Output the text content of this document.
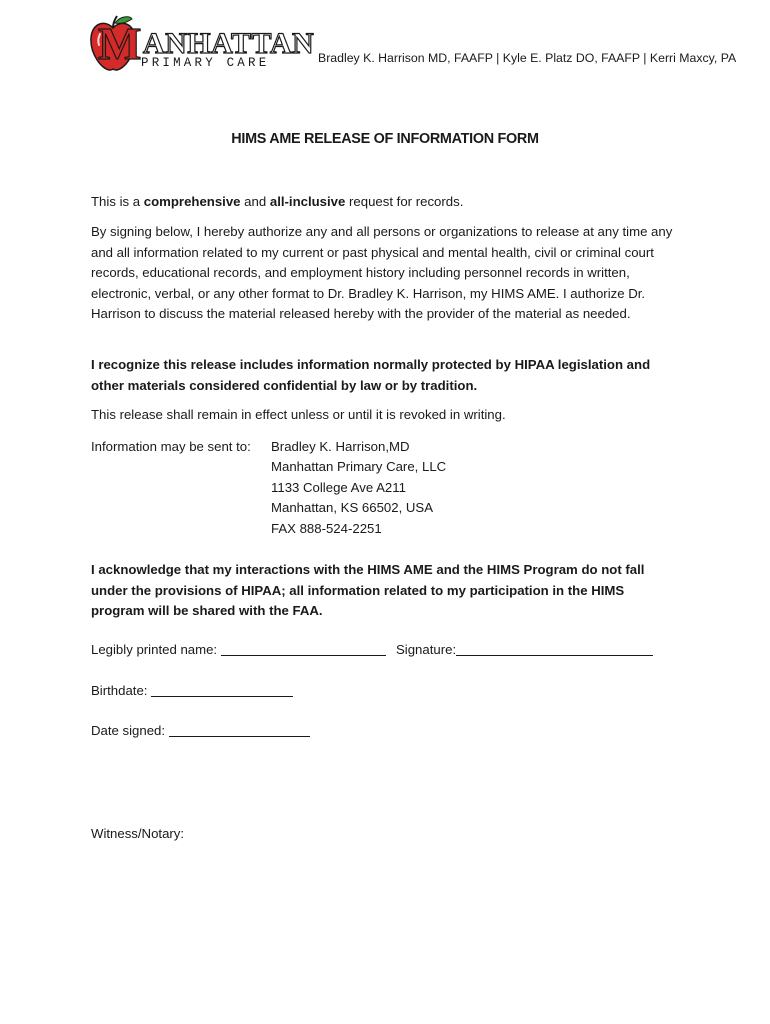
MANHATTAN
PRIMARY CARE	Bradley K. Harrison MD, FAAFP | Kyle E. Platz DO, FAAFP | Kerri Maxcy, PA
HIMS AME RELEASE OF INFORMATION FORM
This is a comprehensive and all-inclusive request for records.
By signing below, I hereby authorize any and all persons or organizations to release at any time any and all information related to my current or past physical and mental health, civil or criminal court records, educational records, and employment history including personnel records in written, electronic, verbal, or any other format to Dr. Bradley K. Harrison, my HIMS AME. I authorize Dr. Harrison to discuss the material released hereby with the provider of the material as needed.
I recognize this release includes information normally protected by HIPAA legislation and other materials considered confidential by law or by tradition.
This release shall remain in effect unless or until it is revoked in writing.
Information may be sent to: Bradley K. Harrison,MD
Manhattan Primary Care, LLC
1133 College Ave A211
Manhattan, KS 66502, USA
FAX 888-524-2251
I acknowledge that my interactions with the HIMS AME and the HIMS Program do not fall under the provisions of HIPAA; all information related to my participation in the HIMS program will be shared with the FAA.
Legibly printed name:	Signature:
Birthdate:
Date signed:
Witness/Notary:
